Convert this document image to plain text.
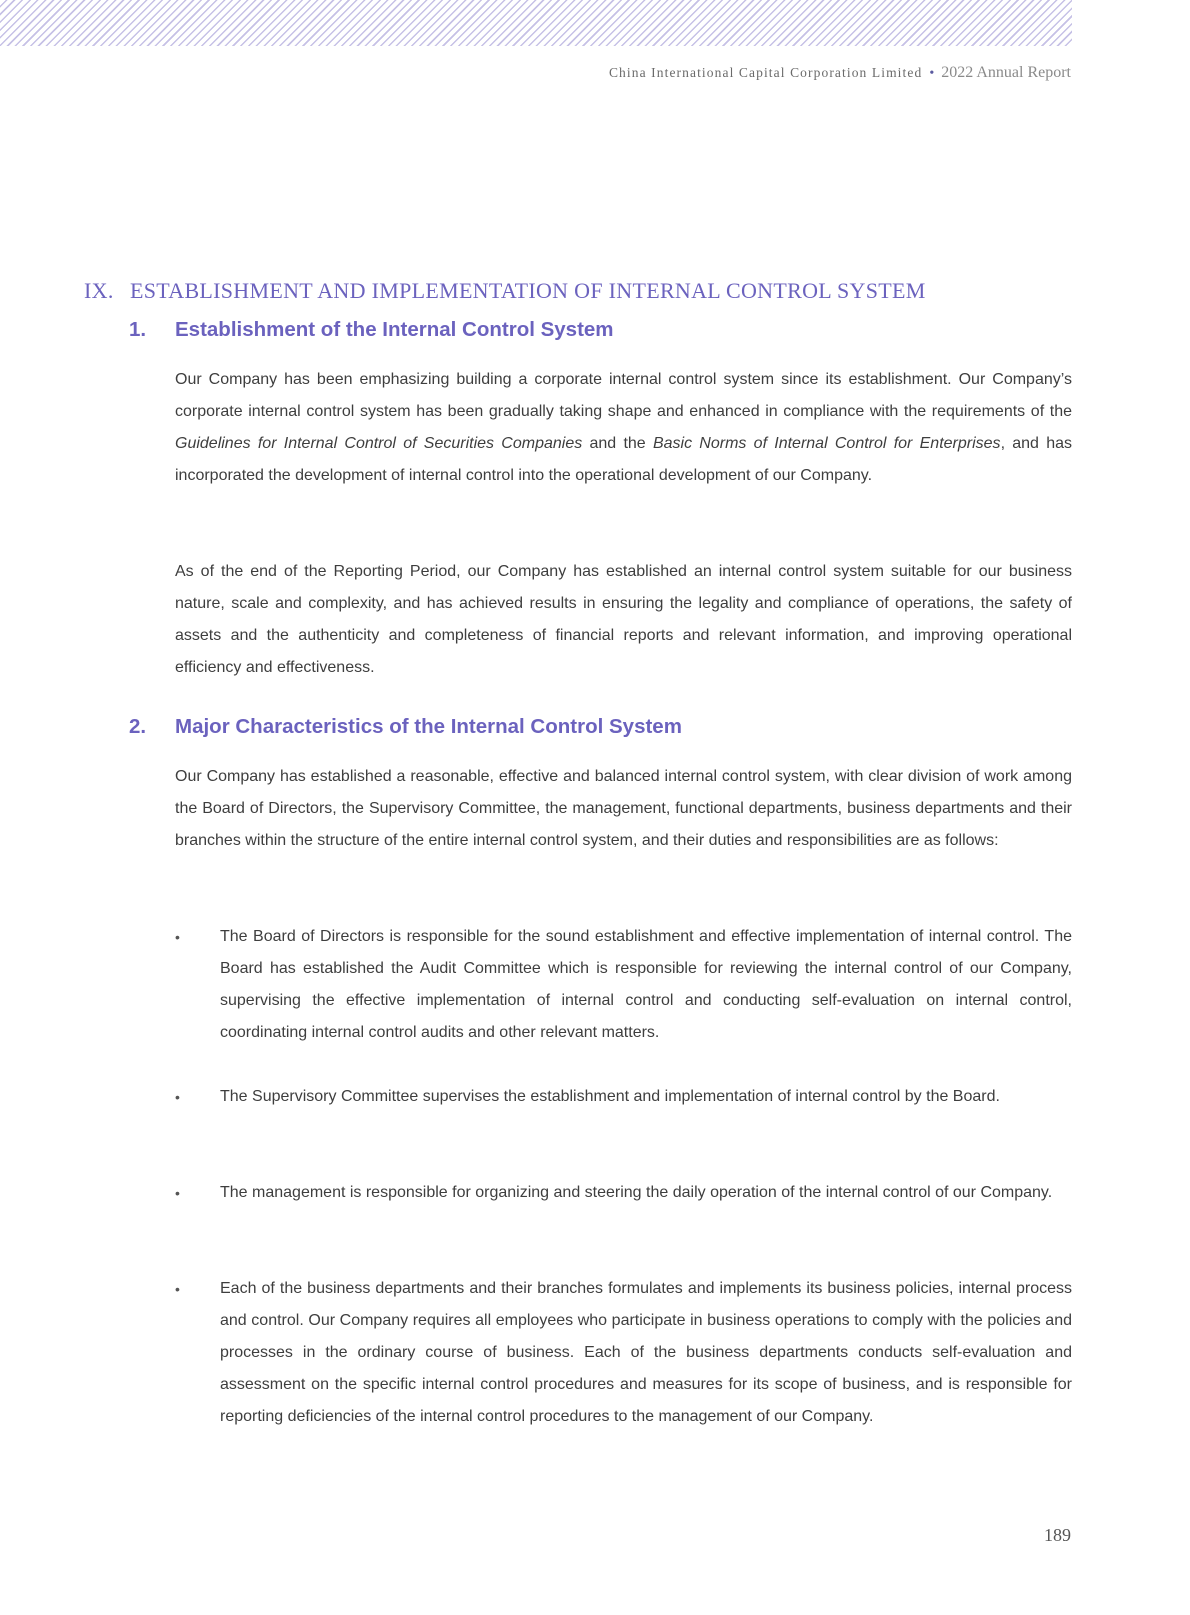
China International Capital Corporation Limited • 2022 Annual Report
IX. ESTABLISHMENT AND IMPLEMENTATION OF INTERNAL CONTROL SYSTEM
1. Establishment of the Internal Control System

Our Company has been emphasizing building a corporate internal control system since its establishment. Our Company’s corporate internal control system has been gradually taking shape and enhanced in compliance with the requirements of the Guidelines for Internal Control of Securities Companies and the Basic Norms of Internal Control for Enterprises, and has incorporated the development of internal control into the operational development of our Company.

As of the end of the Reporting Period, our Company has established an internal control system suitable for our business nature, scale and complexity, and has achieved results in ensuring the legality and compliance of operations, the safety of assets and the authenticity and completeness of financial reports and relevant information, and improving operational efficiency and effectiveness.

2. Major Characteristics of the Internal Control System

Our Company has established a reasonable, effective and balanced internal control system, with clear division of work among the Board of Directors, the Supervisory Committee, the management, functional departments, business departments and their branches within the structure of the entire internal control system, and their duties and responsibilities are as follows:

•	The Board of Directors is responsible for the sound establishment and effective implementation of internal control. The Board has established the Audit Committee which is responsible for reviewing the internal control of our Company, supervising the effective implementation of internal control and conducting self-evaluation on internal control, coordinating internal control audits and other relevant matters.

•	The Supervisory Committee supervises the establishment and implementation of internal control by the Board.

•	The management is responsible for organizing and steering the daily operation of the internal control of our Company.

•	Each of the business departments and their branches formulates and implements its business policies, internal process and control. Our Company requires all employees who participate in business operations to comply with the policies and processes in the ordinary course of business. Each of the business departments conducts self-evaluation and assessment on the specific internal control procedures and measures for its scope of business, and is responsible for reporting deficiencies of the internal control procedures to the management of our Company.

189
